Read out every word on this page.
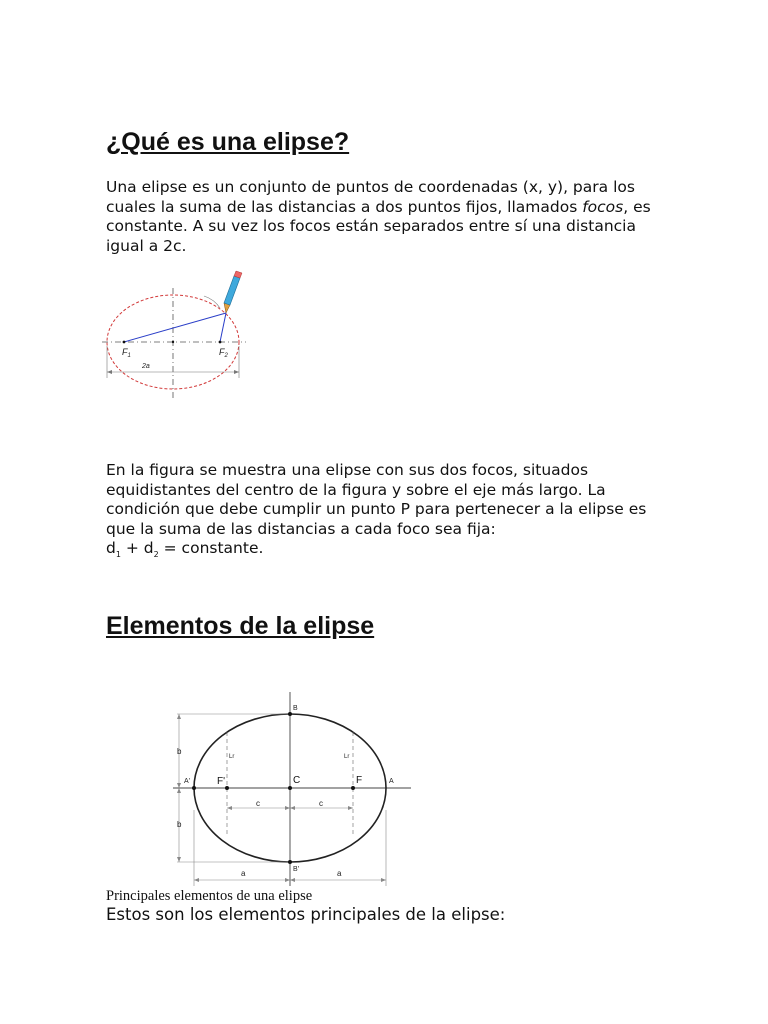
¿Qué es una elipse?

Una elipse es un conjunto de puntos de coordenadas (x, y), para los cuales la suma de las distancias a dos puntos fijos, llamados focos, es constante. A su vez los focos están separados entre sí una distancia igual a 2c.

$F_1$	$F_2$
2a

En la figura se muestra una elipse con sus dos focos, situados equidistantes del centro de la figura y sobre el eje más largo. La condición que debe cumplir un punto P para pertenecer a la elipse es que la suma de las distancias a cada foco sea fija:
$d_1 + d_2$ = constante.

Elementos de la elipse
B
B'
A
A'	F'	F
C
b
b
c	c
a	a
Lr	Lr

Principales elementos de una elipse

Estos son los elementos principales de la elipse:
